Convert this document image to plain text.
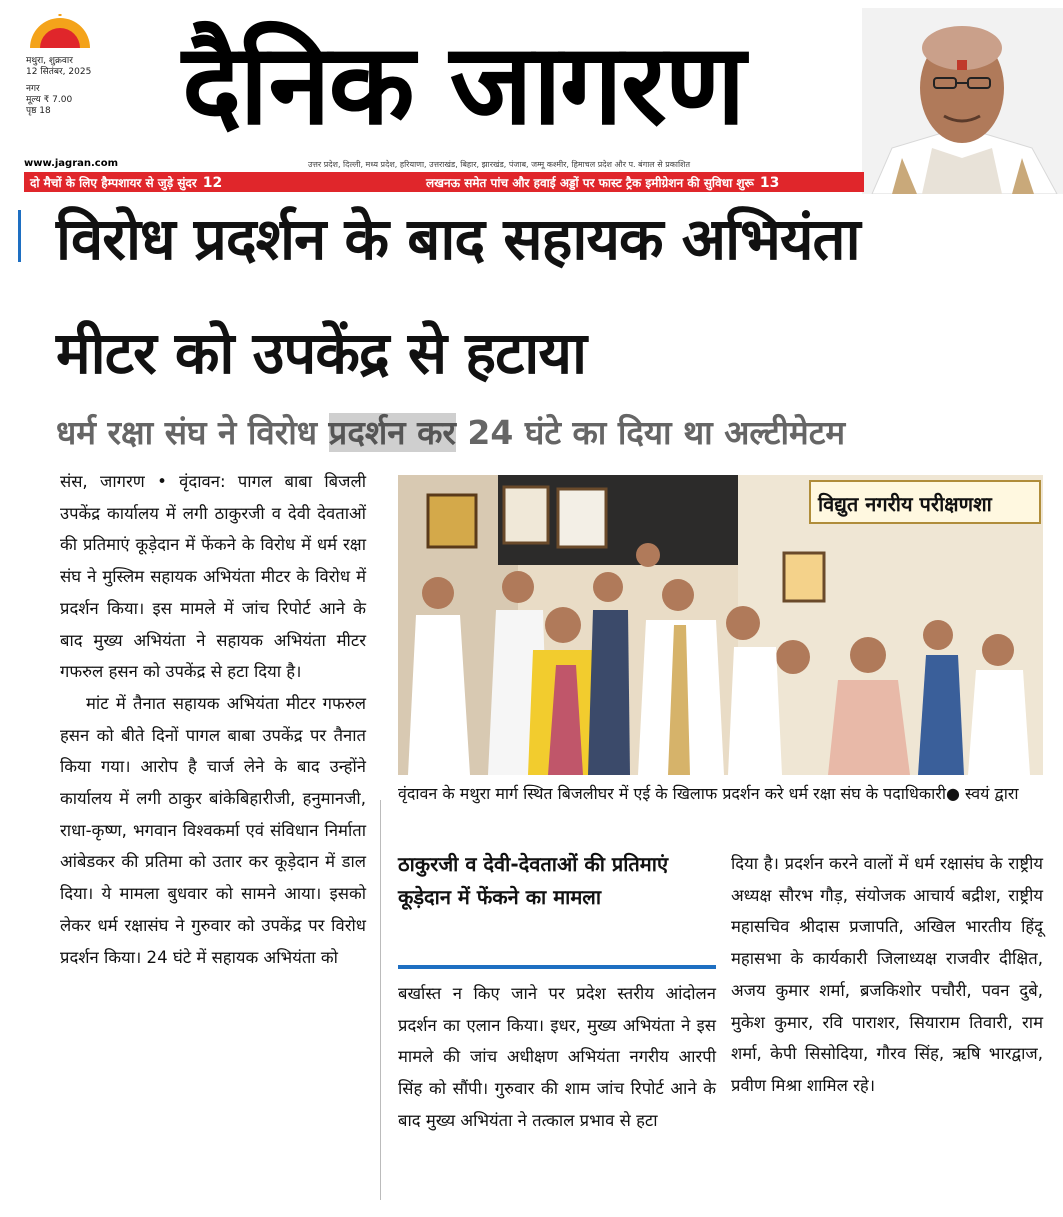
मथुरा, शुक्रवार
12 सितंबर, 2025
नगर
मूल्य ₹ 7.00
पृष्ठ 18	दैनिक जागरण
www.jagran.com	उत्तर प्रदेश, दिल्ली, मध्य प्रदेश, हरियाणा, उत्तराखंड, बिहार, झारखंड, पंजाब, जम्मू कश्मीर, हिमाचल प्रदेश और प. बंगाल से प्रकाशित
दो मैचों के लिए हैम्पशायर से जुड़े सुंदर 12	लखनऊ समेत पांच और हवाई अड्डों पर फास्ट ट्रैक इमीग्रेशन की सुविधा शुरू 13
विरोध प्रदर्शन के बाद सहायक अभियंता
मीटर को उपकेंद्र से हटाया
धर्म रक्षा संघ ने विरोध प्रदर्शन कर 24 घंटे का दिया था अल्टीमेटम

संस, जागरण • वृंदावन: पागल बाबा बिजली उपकेंद्र कार्यालय में लगी ठाकुरजी व देवी देवताओं की प्रतिमाएं कूड़ेदान में फेंकने के विरोध में धर्म रक्षा संघ ने मुस्लिम सहायक अभियंता मीटर के विरोध में प्रदर्शन किया। इस मामले में जांच रिपोर्ट आने के बाद मुख्य अभियंता ने सहायक अभियंता मीटर गफरुल हसन को उपकेंद्र से हटा दिया है।

मांट में तैनात सहायक अभियंता मीटर गफरुल हसन को बीते दिनों पागल बाबा उपकेंद्र पर तैनात किया गया। आरोप है चार्ज लेने के बाद उन्होंने कार्यालय में लगी ठाकुर बांकेबिहारीजी, हनुमानजी, राधा-कृष्ण, भगवान विश्वकर्मा एवं संविधान निर्माता आंबेडकर की प्रतिमा को उतार कर कूड़ेदान में डाल दिया। ये मामला बुधवार को सामने आया। इसको लेकर धर्म रक्षासंघ ने गुरुवार को उपकेंद्र पर विरोध प्रदर्शन किया। 24 घंटे में सहायक अभियंता को

विद्युत नगरीय परीक्षणशा
वृंदावन के मथुरा मार्ग स्थित बिजलीघर में एई के खिलाफ प्रदर्शन करे धर्म रक्षा संघ के पदाधिकारी● स्वयं द्वारा
ठाकुरजी व देवी-देवताओं की प्रतिमाएं कूड़ेदान में फेंकने का मामला

बर्खास्त न किए जाने पर प्रदेश स्तरीय आंदोलन प्रदर्शन का एलान किया। इधर, मुख्य अभियंता ने इस मामले की जांच अधीक्षण अभियंता नगरीय आरपी सिंह को सौंपी। गुरुवार की शाम जांच रिपोर्ट आने के बाद मुख्य अभियंता ने तत्काल प्रभाव से हटा

दिया है। प्रदर्शन करने वालों में धर्म रक्षासंघ के राष्ट्रीय अध्यक्ष सौरभ गौड़, संयोजक आचार्य बद्रीश, राष्ट्रीय महासचिव श्रीदास प्रजापति, अखिल भारतीय हिंदू महासभा के कार्यकारी जिलाध्यक्ष राजवीर दीक्षित, अजय कुमार शर्मा, ब्रजकिशोर पचौरी, पवन दुबे, मुकेश कुमार, रवि पाराशर, सियाराम तिवारी, राम शर्मा, केपी सिसोदिया, गौरव सिंह, ऋषि भारद्वाज, प्रवीण मिश्रा शामिल रहे।
